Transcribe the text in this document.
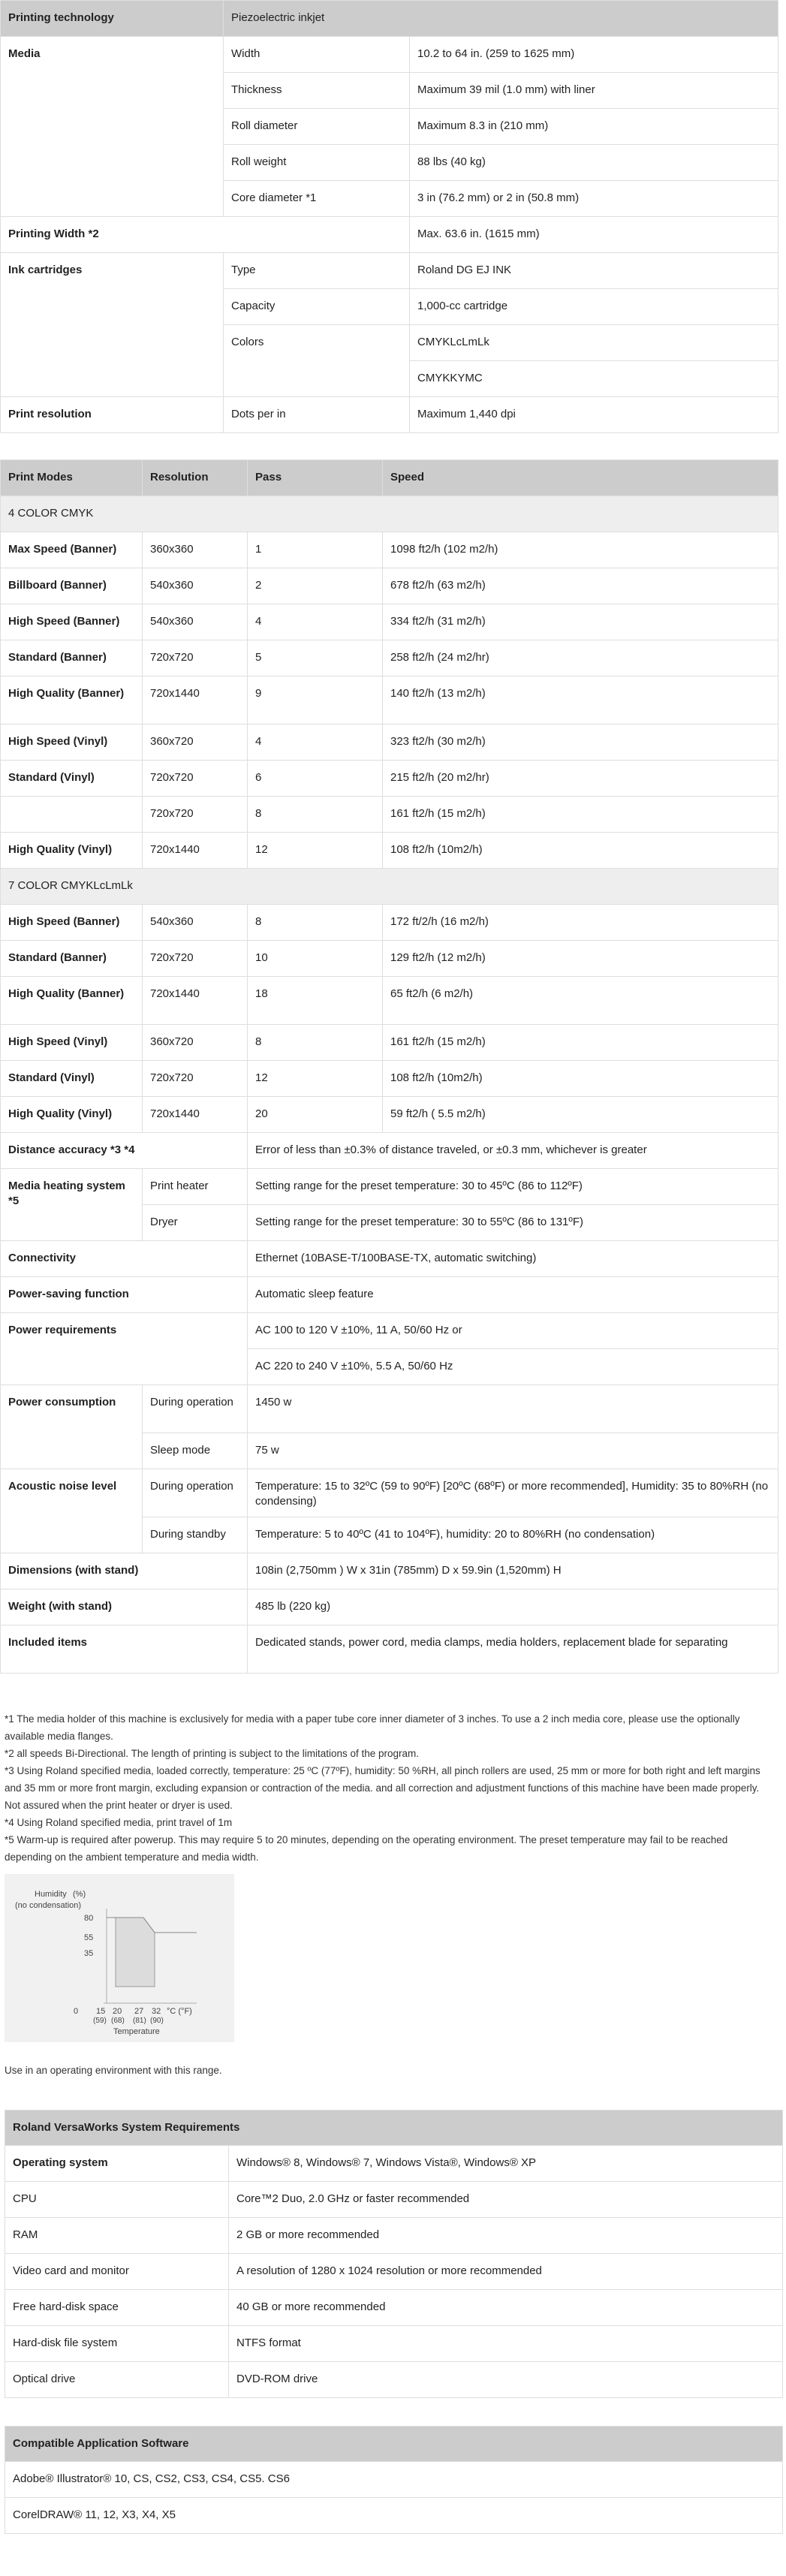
Printing technology	Piezoelectric inkjet	
Media	Width	10.2 to 64 in. (259 to 1625 mm)
	Thickness	Maximum 39 mil (1.0 mm) with liner
	Roll diameter	Maximum 8.3 in (210 mm)
	Roll weight	88 lbs (40 kg)
	Core diameter *1	3 in (76.2 mm) or 2 in (50.8 mm)
Printing Width *2		Max. 63.6 in. (1615 mm)
Ink cartridges	Type	Roland DG EJ INK
	Capacity	1,000-cc cartridge
	Colors	CMYKLcLmLk
		CMYKKYMC
Print resolution	Dots per in	Maximum 1,440 dpi
Print Modes	Resolution	Pass	Speed
4 COLOR CMYK			
Max Speed (Banner)	360x360	1	1098 ft2/h (102 m2/h)
Billboard (Banner)	540x360	2	678 ft2/h (63 m2/h)
High Speed (Banner)	540x360	4	334 ft2/h (31 m2/h)
Standard (Banner)	720x720	5	258 ft2/h (24 m2/hr)
High Quality (Banner)	720x1440	9	140 ft2/h (13 m2/h)
High Speed (Vinyl)	360x720	4	323 ft2/h (30 m2/h)
Standard (Vinyl)	720x720	6	215 ft2/h (20 m2/hr)
	720x720	8	161 ft2/h (15 m2/h)
High Quality (Vinyl)	720x1440	12	108 ft2/h (10m2/h)
7 COLOR CMYKLcLmLk			
High Speed (Banner)	540x360	8	172 ft/2/h (16 m2/h)
Standard (Banner)	720x720	10	129 ft2/h (12 m2/h)
High Quality (Banner)	720x1440	18	65 ft2/h (6 m2/h)
High Speed (Vinyl)	360x720	8	161 ft2/h (15 m2/h)
Standard (Vinyl)	720x720	12	108 ft2/h (10m2/h)
High Quality (Vinyl)	720x1440	20	59 ft2/h ( 5.5 m2/h)
Distance accuracy *3 *4		Error of less than ±0.3% of distance traveled, or ±0.3 mm, whichever is greater	
Media heating system *5	Print heater	Setting range for the preset temperature: 30 to 45ºC (86 to 112ºF)	
	Dryer	Setting range for the preset temperature: 30 to 55ºC (86 to 131ºF)	
Connectivity		Ethernet (10BASE-T/100BASE-TX, automatic switching)	
Power-saving function		Automatic sleep feature	
Power requirements		AC 100 to 120 V ±10%, 11 A, 50/60 Hz or	
		AC 220 to 240 V ±10%, 5.5 A, 50/60 Hz	
Power consumption	During operation	1450 w	
	Sleep mode	75 w	
Acoustic noise level	During operation	Temperature: 15 to 32ºC (59 to 90ºF) [20ºC (68ºF) or more recommended], Humidity: 35 to 80%RH (no condensing)	
	During standby	Temperature: 5 to 40ºC (41 to 104ºF), humidity: 20 to 80%RH (no condensation)	
Dimensions (with stand)		108in (2,750mm ) W x 31in (785mm) D x 59.9in (1,520mm) H	
Weight (with stand)		485 lb (220 kg)	
Included items		Dedicated stands, power cord, media clamps, media holders, replacement blade for separating	
*1 The media holder of this machine is exclusively for media with a paper tube core inner diameter of 3 inches. To use a 2 inch media core, please use the optionally available media flanges.
*2 all speeds Bi-Directional. The length of printing is subject to the limitations of the program.
*3 Using Roland specified media, loaded correctly, temperature: 25 ºC (77ºF), humidity: 50 %RH, all pinch rollers are used, 25 mm or more for both right and left margins and 35 mm or more front margin, excluding expansion or contraction of the media. and all correction and adjustment functions of this machine have been made properly. Not assured when the print heater or dryer is used.
*4 Using Roland specified media, print travel of 1m
*5 Warm-up is required after powerup. This may require 5 to 20 minutes, depending on the operating environment. The preset temperature may fail to be reached depending on the ambient temperature and media width.
Humidity (%)
(no condensation)
80
55
35
0 15 20 27 32 °C (°F)
(59) (68) (81) (90)
Temperature
Use in an operating environment with this range.
Roland VersaWorks System Requirements	
Operating system	Windows® 8, Windows® 7, Windows Vista®, Windows® XP
CPU	Core™2 Duo, 2.0 GHz or faster recommended
RAM	2 GB or more recommended
Video card and monitor	A resolution of 1280 x 1024 resolution or more recommended
Free hard-disk space	40 GB or more recommended
Hard-disk file system	NTFS format
Optical drive	DVD-ROM drive
Compatible Application Software
Adobe® Illustrator® 10, CS, CS2, CS3, CS4, CS5. CS6
CorelDRAW® 11, 12, X3, X4, X5
